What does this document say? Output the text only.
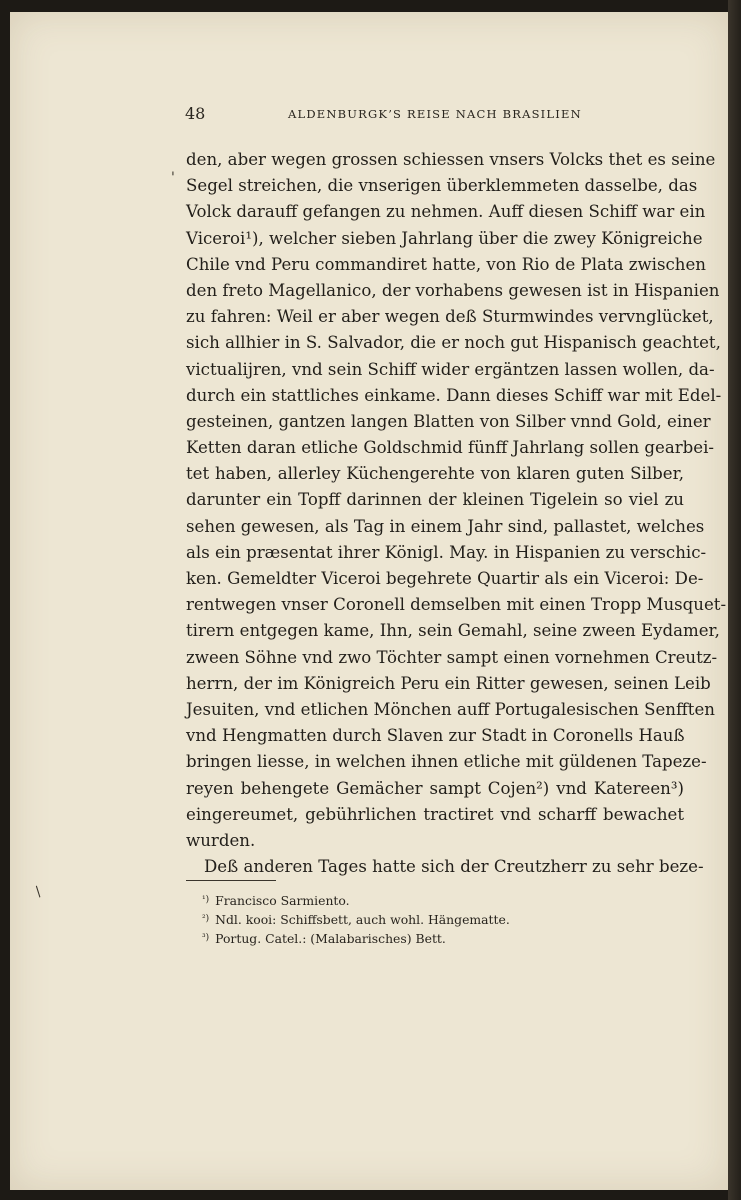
48	ALDENBURGK’S REISE NACH BRASILIEN
'
/
den, aber wegen grossen schiessen vnsers Volcks thet es seine
Segel streichen, die vnserigen überklemmeten dasselbe, das
Volck darauff gefangen zu nehmen. Auff diesen Schiff war ein
Viceroi¹), welcher sieben Jahrlang über die zwey Königreiche
Chile vnd Peru commandiret hatte, von Rio de Plata zwischen
den freto Magellanico, der vorhabens gewesen ist in Hispanien
zu fahren: Weil er aber wegen deß Sturmwindes vervnglücket,
sich allhier in S. Salvador, die er noch gut Hispanisch geachtet,
victualijren, vnd sein Schiff wider ergäntzen lassen wollen, da-
durch ein stattliches einkame. Dann dieses Schiff war mit Edel-
gesteinen, gantzen langen Blatten von Silber vnnd Gold, einer
Ketten daran etliche Goldschmid fünff Jahrlang sollen gearbei-
tet haben, allerley Küchengerehte von klaren guten Silber,
darunter ein Topff darinnen der kleinen Tigelein so viel zu
sehen gewesen, als Tag in einem Jahr sind, pallastet, welches
als ein præsentat ihrer Königl. May. in Hispanien zu verschic-
ken. Gemeldter Viceroi begehrete Quartir als ein Viceroi: De-
rentwegen vnser Coronell demselben mit einen Tropp Musquet-
tirern entgegen kame, Ihn, sein Gemahl, seine zween Eydamer,
zween Söhne vnd zwo Töchter sampt einen vornehmen Creutz-
herrn, der im Königreich Peru ein Ritter gewesen, seinen Leib
Jesuiten, vnd etlichen Mönchen auff Portugalesischen Senfften
vnd Hengmatten durch Slaven zur Stadt in Coronells Hauß
bringen liesse, in welchen ihnen etliche mit güldenen Tapeze-
reyen behengete Gemächer sampt Cojen²) vnd Katereen³)
eingereumet, gebührlichen tractiret vnd scharff bewachet
wurden.
Deß anderen Tages hatte sich der Creutzherr zu sehr beze-
$^{^1)}$ Francisco Sarmiento.
$^{^2)}$ Ndl. kooi: Schiffsbett, auch wohl. Hängematte.
$^{^3)}$ Portug. Catel.: (Malabarisches) Bett.
